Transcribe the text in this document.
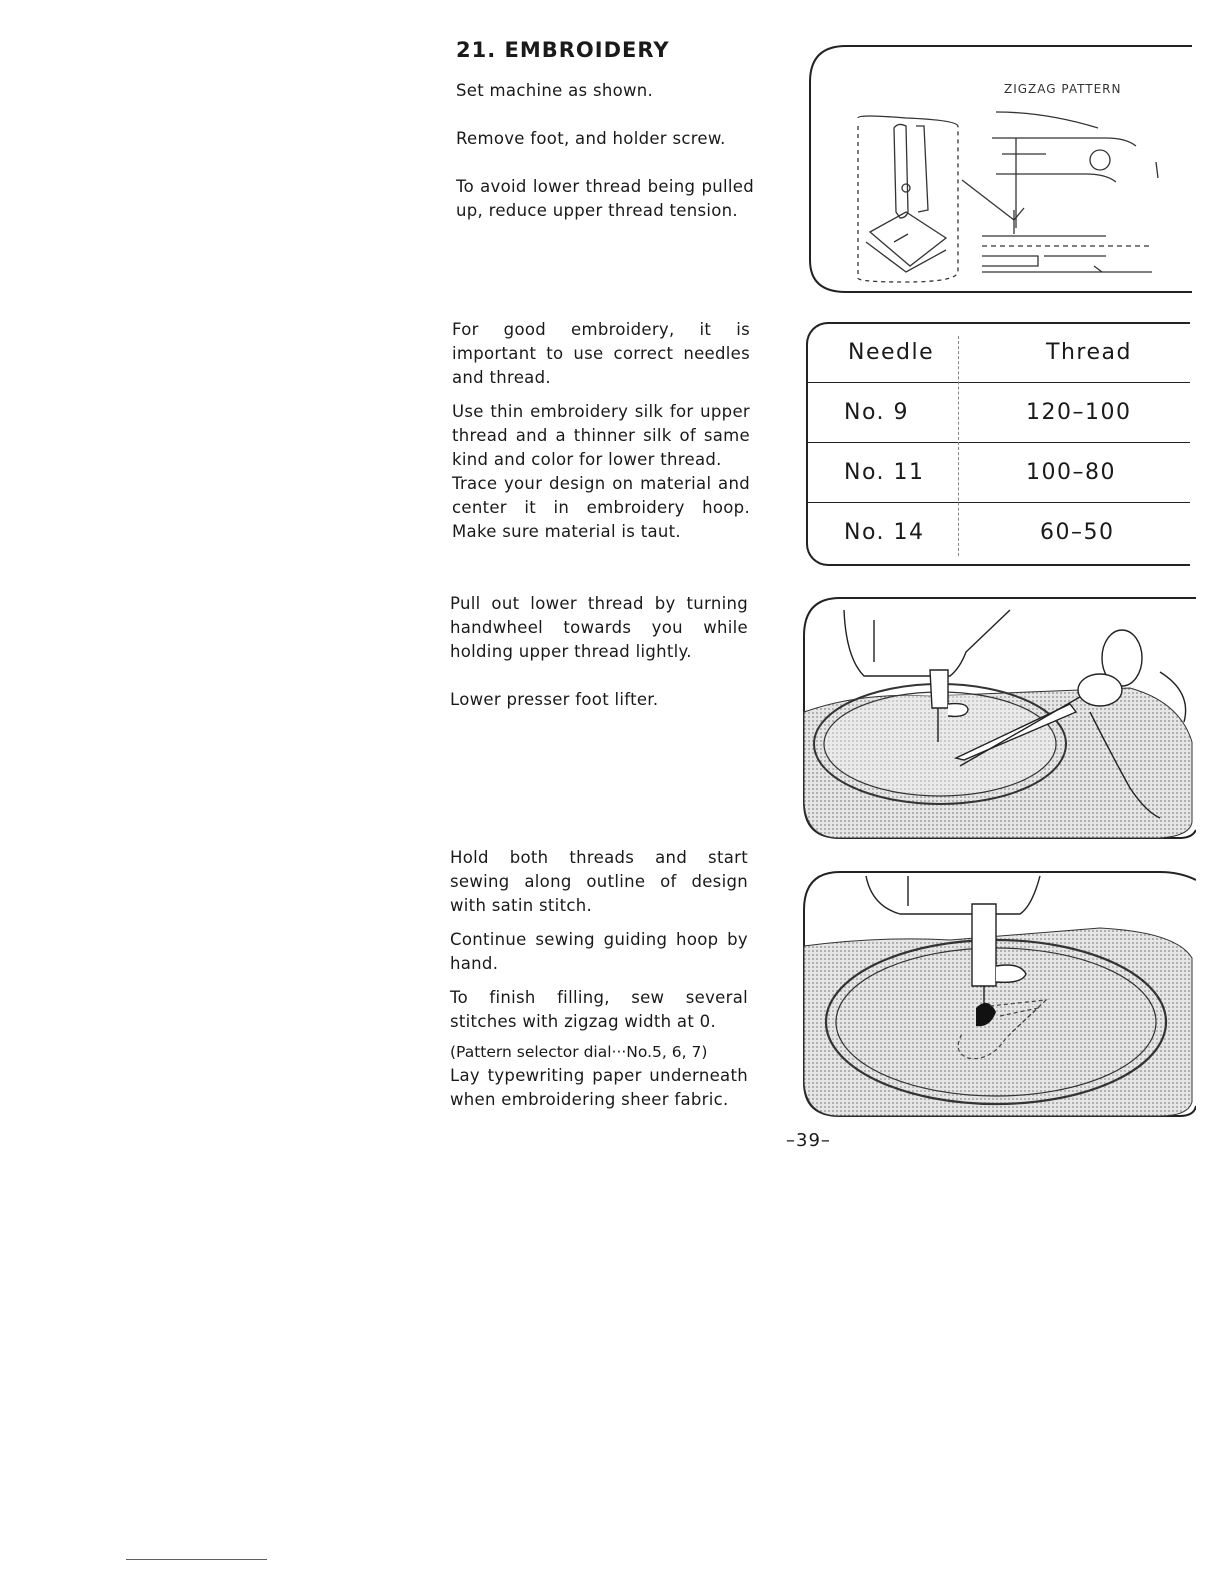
21. EMBROIDERY

Set machine as shown.

Remove foot, and holder screw.

To avoid lower thread being pulled up, reduce upper thread tension.

ZIGZAG PATTERN

For good embroidery, it is important to use correct needles and thread.

Use thin embroidery silk for upper thread and a thinner silk of same kind and color for lower thread.

Trace your design on material and center it in embroidery hoop. Make sure material is taut.

Needle	Thread
No. 9	120–100
No. 11	100–80
No. 14	60–50

Pull out lower thread by turning handwheel towards you while holding upper thread lightly.

Lower presser foot lifter.

Hold both threads and start sewing along outline of design with satin stitch.

Continue sewing guiding hoop by hand.

To finish filling, sew several stitches with zigzag width at 0.

(Pattern selector dial···No.5, 6, 7)

Lay typewriting paper underneath when embroidering sheer fabric.

–39–
